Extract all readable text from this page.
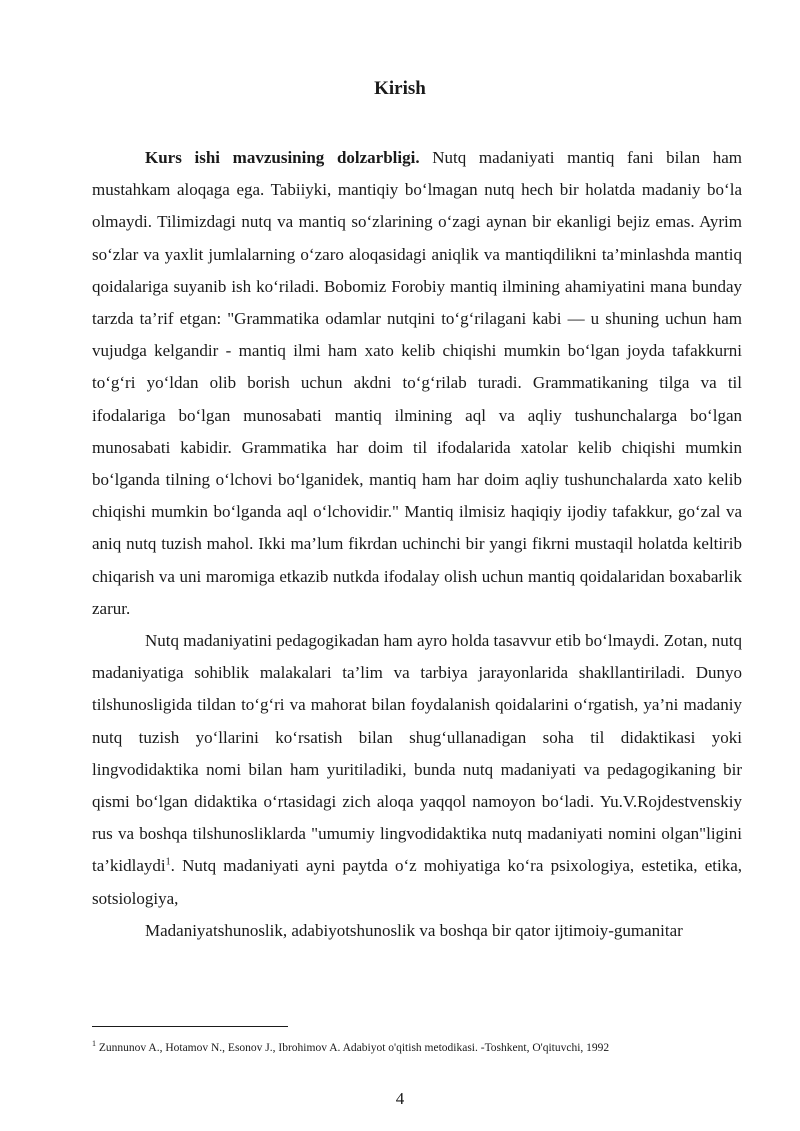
Kirish

Kurs ishi mavzusining dolzarbligi. Nutq madaniyati mantiq fani bilan ham mustahkam aloqaga ega. Tabiiyki, mantiqiy bo‘lmagan nutq hech bir holatda madaniy bo‘la olmaydi. Tilimizdagi nutq va mantiq so‘zlarining o‘zagi aynan bir ekanligi bejiz emas. Ayrim so‘zlar va yaxlit jumlalarning o‘zaro aloqasidagi aniqlik va mantiqdilikni ta’minlashda mantiq qoidalariga suyanib ish ko‘riladi. Bobomiz Forobiy mantiq ilmining ahamiyatini mana bunday tarzda ta’rif etgan: "Grammatika odamlar nutqini to‘g‘rilagani kabi — u shuning uchun ham vujudga kelgandir - mantiq ilmi ham xato kelib chiqishi mumkin bo‘lgan joyda tafakkurni to‘g‘ri yo‘ldan olib borish uchun akdni to‘g‘rilab turadi. Grammatikaning tilga va til ifodalariga bo‘lgan munosabati mantiq ilmining aql va aqliy tushunchalarga bo‘lgan munosabati kabidir. Grammatika har doim til ifodalarida xatolar kelib chiqishi mumkin bo‘lganda tilning o‘lchovi bo‘lganidek, mantiq ham har doim aqliy tushunchalarda xato kelib chiqishi mumkin bo‘lganda aql o‘lchovidir." Mantiq ilmisiz haqiqiy ijodiy tafakkur, go‘zal va aniq nutq tuzish mahol. Ikki ma’lum fikrdan uchinchi bir yangi fikrni mustaqil holatda keltirib chiqarish va uni maromiga etkazib nutkda ifodalay olish uchun mantiq qoidalaridan boxabarlik zarur.

Nutq madaniyatini pedagogikadan ham ayro holda tasavvur etib bo‘lmaydi. Zotan, nutq madaniyatiga sohiblik malakalari ta’lim va tarbiya jarayonlarida shakllantiriladi. Dunyo tilshunosligida tildan to‘g‘ri va mahorat bilan foydalanish qoidalarini o‘rgatish, ya’ni madaniy nutq tuzish yo‘llarini ko‘rsatish bilan shug‘ullanadigan soha til didaktikasi yoki lingvodidaktika nomi bilan ham yuritiladiki, bunda nutq madaniyati va pedagogikaning bir qismi bo‘lgan didaktika o‘rtasidagi zich aloqa yaqqol namoyon bo‘ladi. Yu.V.Rojdestvenskiy rus va boshqa tilshunosliklarda "umumiy lingvodidaktika nutq madaniyati nomini olgan"ligini ta’kidlaydi$^1$. Nutq madaniyati ayni paytda o‘z mohiyatiga ko‘ra psixologiya, estetika, etika, sotsiologiya,

Madaniyatshunoslik, adabiyotshunoslik va boshqa bir qator ijtimoiy-gumanitar

$^1$ Zunnunov A., Hotamov N., Esonov J., Ibrohimov A. Adabiyot o'qitish metodikasi. -Toshkent, O'qituvchi, 1992
4
